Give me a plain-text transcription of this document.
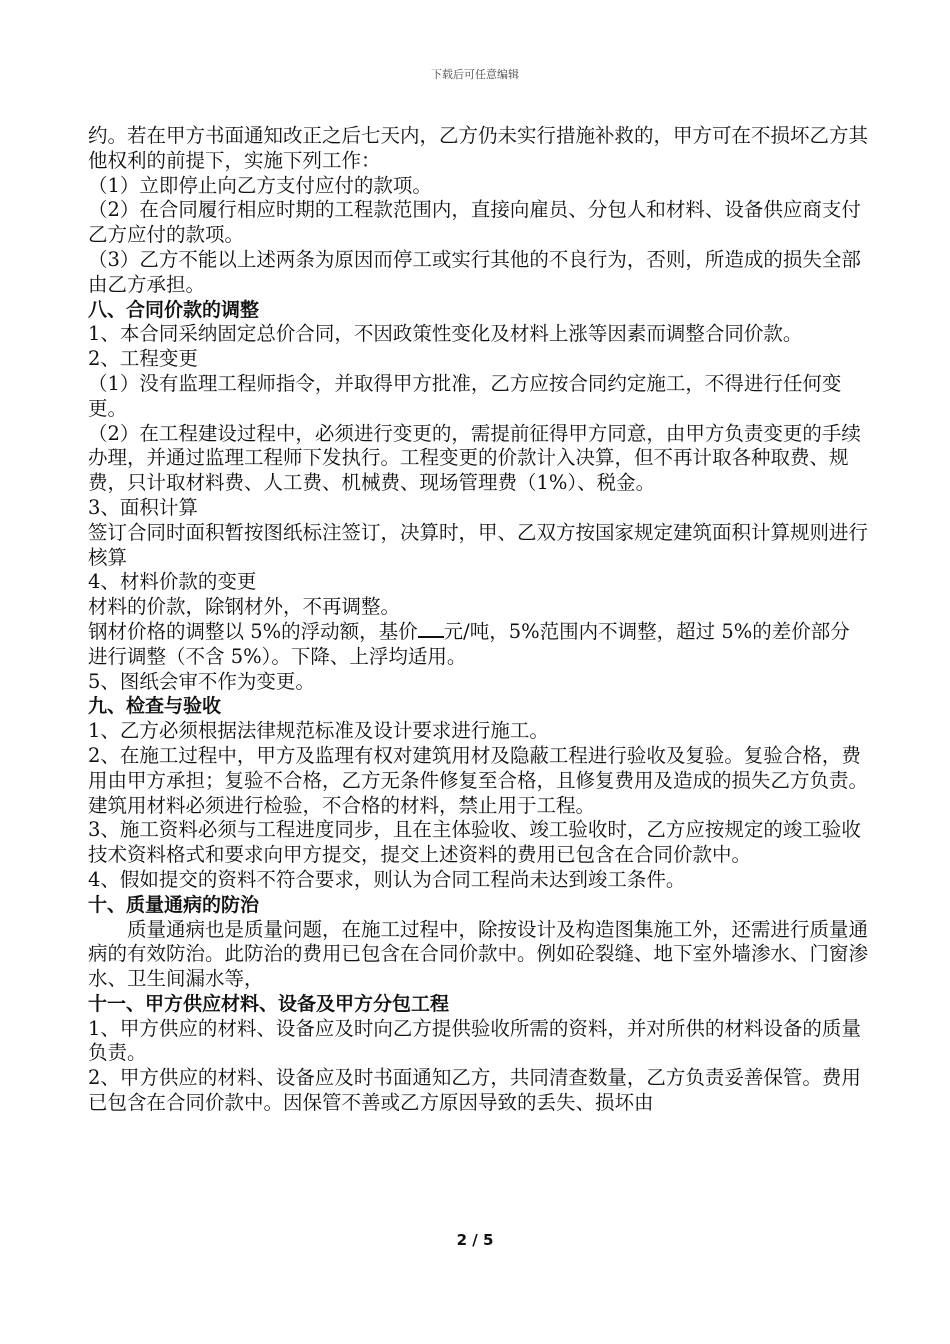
下载后可任意编辑

约。若在甲方书面通知改正之后七天内，乙方仍未实行措施补救的，甲方可在不损坏乙方其他权利的前提下，实施下列工作：

（1）立即停止向乙方支付应付的款项。

（2）在合同履行相应时期的工程款范围内，直接向雇员、分包人和材料、设备供应商支付乙方应付的款项。

（3）乙方不能以上述两条为原因而停工或实行其他的不良行为，否则，所造成的损失全部由乙方承担。

八、合同价款的调整

1、本合同采纳固定总价合同，不因政策性变化及材料上涨等因素而调整合同价款。

2、工程变更

（1）没有监理工程师指令，并取得甲方批准，乙方应按合同约定施工，不得进行任何变更。

（2）在工程建设过程中，必须进行变更的，需提前征得甲方同意，由甲方负责变更的手续办理，并通过监理工程师下发执行。工程变更的价款计入决算，但不再计取各种取费、规费，只计取材料费、人工费、机械费、现场管理费（1%）、税金。

3、面积计算

签订合同时面积暂按图纸标注签订，决算时，甲、乙双方按国家规定建筑面积计算规则进行核算

4、材料价款的变更

材料的价款，除钢材外，不再调整。

钢材价格的调整以 5%的浮动额，基价 元/吨，5%范围内不调整，超过 5%的差价部分进行调整（不含 5%）。下降、上浮均适用。

5、图纸会审不作为变更。

九、检查与验收

1、乙方必须根据法律规范标准及设计要求进行施工。

2、在施工过程中，甲方及监理有权对建筑用材及隐蔽工程进行验收及复验。复验合格，费用由甲方承担；复验不合格，乙方无条件修复至合格，且修复费用及造成的损失乙方负责。建筑用材料必须进行检验，不合格的材料，禁止用于工程。

3、施工资料必须与工程进度同步，且在主体验收、竣工验收时，乙方应按规定的竣工验收技术资料格式和要求向甲方提交，提交上述资料的费用已包含在合同价款中。

4、假如提交的资料不符合要求，则认为合同工程尚未达到竣工条件。

十、质量通病的防治

质量通病也是质量问题，在施工过程中，除按设计及构造图集施工外，还需进行质量通病的有效防治。此防治的费用已包含在合同价款中。例如砼裂缝、地下室外墙渗水、门窗渗水、卫生间漏水等，

十一、甲方供应材料、设备及甲方分包工程

1、甲方供应的材料、设备应及时向乙方提供验收所需的资料，并对所供的材料设备的质量负责。

2、甲方供应的材料、设备应及时书面通知乙方，共同清查数量，乙方负责妥善保管。费用已包含在合同价款中。因保管不善或乙方原因导致的丢失、损坏由

2 / 5
